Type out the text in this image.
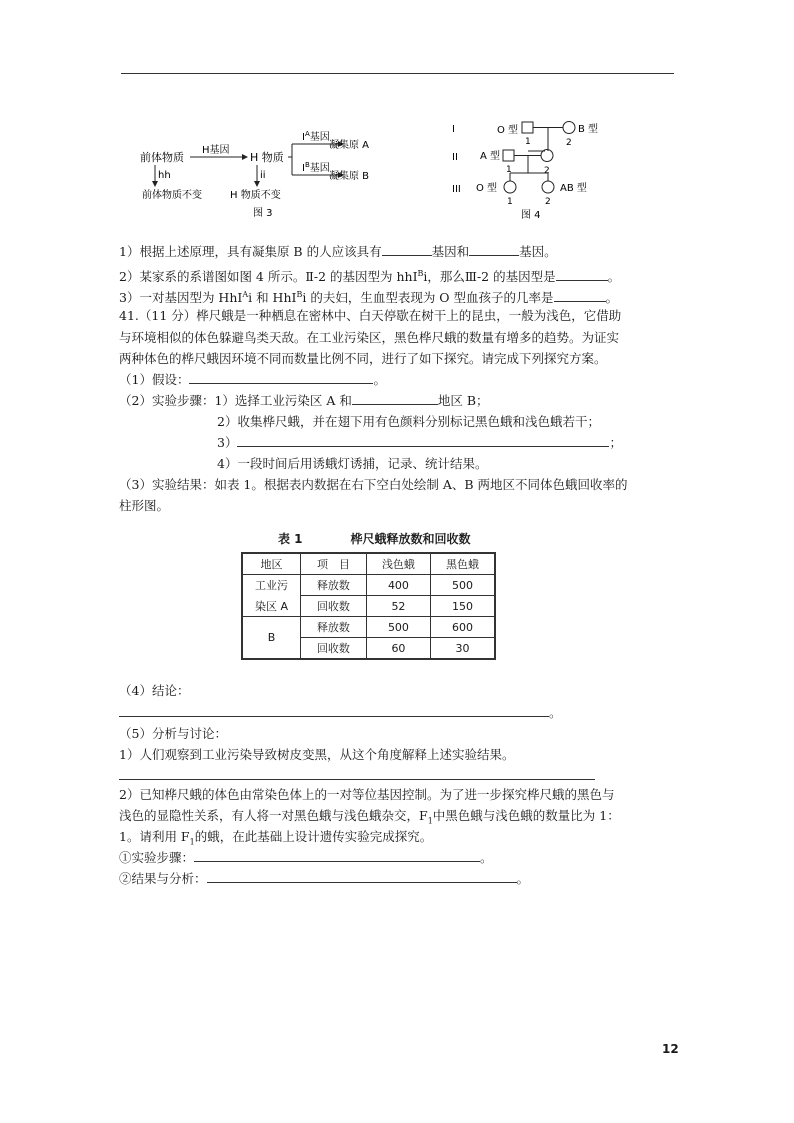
前体物质
H基因
H 物质
hh	ii
$I^A$基因
$I^B$基因
凝集原 A
凝集原 B
前体物质不变	H 物质不变
图 3
I
II
III
O 型	B 型
1	2
A 型
1	2
O 型	AB 型
1	2
图 4
1）根据上述原理，具有凝集原 B 的人应该具有	基因和	基因。
2）某家系的系谱图如图 4 所示。Ⅱ-2 的基因型为 hhI$^B$i，那么Ⅲ-2 的基因型是	。
3）一对基因型为 HhI$^A$i 和 HhI$^B$i 的夫妇，生血型表现为 O 型血孩子的几率是	。
41.（11 分）桦尺蛾是一种栖息在密林中、白天停歇在树干上的昆虫，一般为浅色，它借助
与环境相似的体色躲避鸟类天敌。在工业污染区，黑色桦尺蛾的数量有增多的趋势。为证实
两种体色的桦尺蛾因环境不同而数量比例不同，进行了如下探究。请完成下列探究方案。
（1）假设：	。
（2）实验步骤：1）选择工业污染区 A 和	地区 B；
2）收集桦尺蛾，并在翅下用有色颜料分别标记黑色蛾和浅色蛾若干；
3）	；
4）一段时间后用诱蛾灯诱捕，记录、统计结果。
（3）实验结果：如表 1。根据表内数据在右下空白处绘制 A、B 两地区不同体色蛾回收率的
柱形图。
表 1	桦尺蛾释放数和回收数
地区	项　目	浅色蛾	黑色蛾
工业污	释放数	400	500
染区 A	回收数	52	150
B	释放数	500	600
	回收数	60	30
（4）结论：
。
（5）分析与讨论：
1）人们观察到工业污染导致树皮变黑，从这个角度解释上述实验结果。
2）已知桦尺蛾的体色由常染色体上的一对等位基因控制。为了进一步探究桦尺蛾的黑色与
浅色的显隐性关系，有人将一对黑色蛾与浅色蛾杂交，$F_1$中黑色蛾与浅色蛾的数量比为 1：
1。请利用 $F_1$的蛾，在此基础上设计遗传实验完成探究。
①实验步骤：	。
②结果与分析：	。
12
